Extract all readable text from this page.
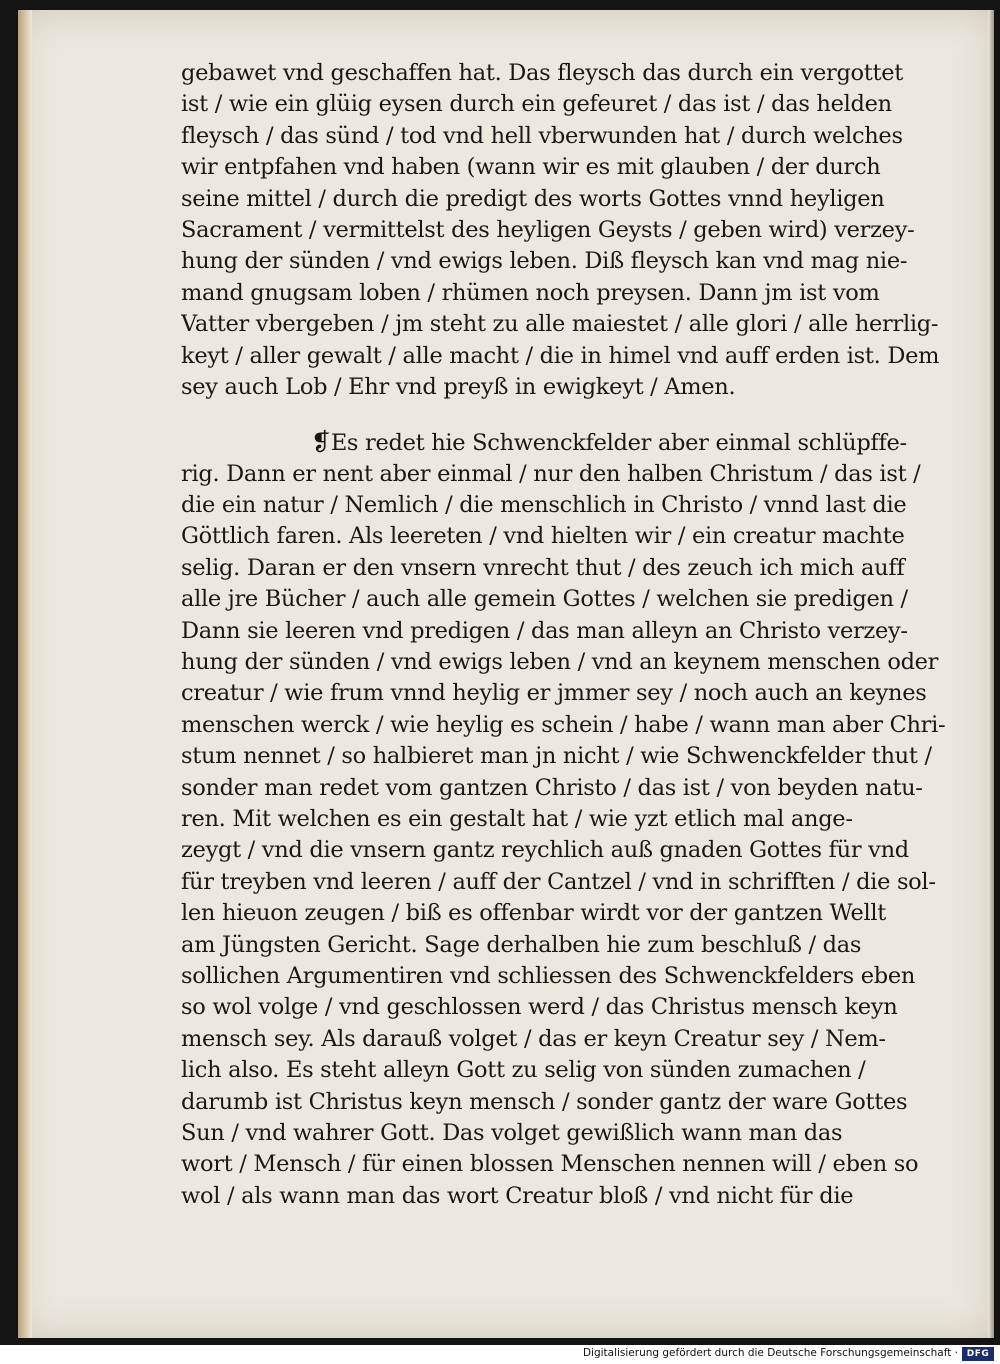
gebawet vnd geschaffen hat. Das fleysch das durch ein vergottet
ist / wie ein glüig eysen durch ein gefeuret / das ist / das helden
fleysch / das sünd / tod vnd hell vberwunden hat / durch welches
wir entpfahen vnd haben (wann wir es mit glauben / der durch
seine mittel / durch die predigt des worts Gottes vnnd heyligen
Sacrament / vermittelst des heyligen Geysts / geben wird) verzey-
hung der sünden / vnd ewigs leben. Diß fleysch kan vnd mag nie-
mand gnugsam loben / rhümen noch preysen. Dann jm ist vom
Vatter vbergeben / jm steht zu alle maiestet / alle glori / alle herrlig-
keyt / aller gewalt / alle macht / die in himel vnd auff erden ist. Dem
sey auch Lob / Ehr vnd preyß in ewigkeyt / Amen.
❡Es redet hie Schwenckfelder aber einmal schlüpffe-
rig. Dann er nent aber einmal / nur den halben Christum / das ist /
die ein natur / Nemlich / die menschlich in Christo / vnnd last die
Göttlich faren. Als leereten / vnd hielten wir / ein creatur machte
selig. Daran er den vnsern vnrecht thut / des zeuch ich mich auff
alle jre Bücher / auch alle gemein Gottes / welchen sie predigen /
Dann sie leeren vnd predigen / das man alleyn an Christo verzey-
hung der sünden / vnd ewigs leben / vnd an keynem menschen oder
creatur / wie frum vnnd heylig er jmmer sey / noch auch an keynes
menschen werck / wie heylig es schein / habe / wann man aber Chri-
stum nennet / so halbieret man jn nicht / wie Schwenckfelder thut /
sonder man redet vom gantzen Christo / das ist / von beyden natu-
ren. Mit welchen es ein gestalt hat / wie yzt etlich mal ange-
zeygt / vnd die vnsern gantz reychlich auß gnaden Gottes für vnd
für treyben vnd leeren / auff der Cantzel / vnd in schrifften / die sol-
len hieuon zeugen / biß es offenbar wirdt vor der gantzen Wellt
am Jüngsten Gericht. Sage derhalben hie zum beschluß / das
sollichen Argumentiren vnd schliessen des Schwenckfelders eben
so wol volge / vnd geschlossen werd / das Christus mensch keyn
mensch sey. Als darauß volget / das er keyn Creatur sey / Nem-
lich also. Es steht alleyn Gott zu selig von sünden zumachen /
darumb ist Christus keyn mensch / sonder gantz der ware Gottes
Sun / vnd wahrer Gott. Das volget gewißlich wann man das
wort / Mensch / für einen blossen Menschen nennen will / eben so
wol / als wann man das wort Creatur bloß / vnd nicht für die
Digitalisierung gefördert durch die Deutsche Forschungsgemeinschaft · DFG
